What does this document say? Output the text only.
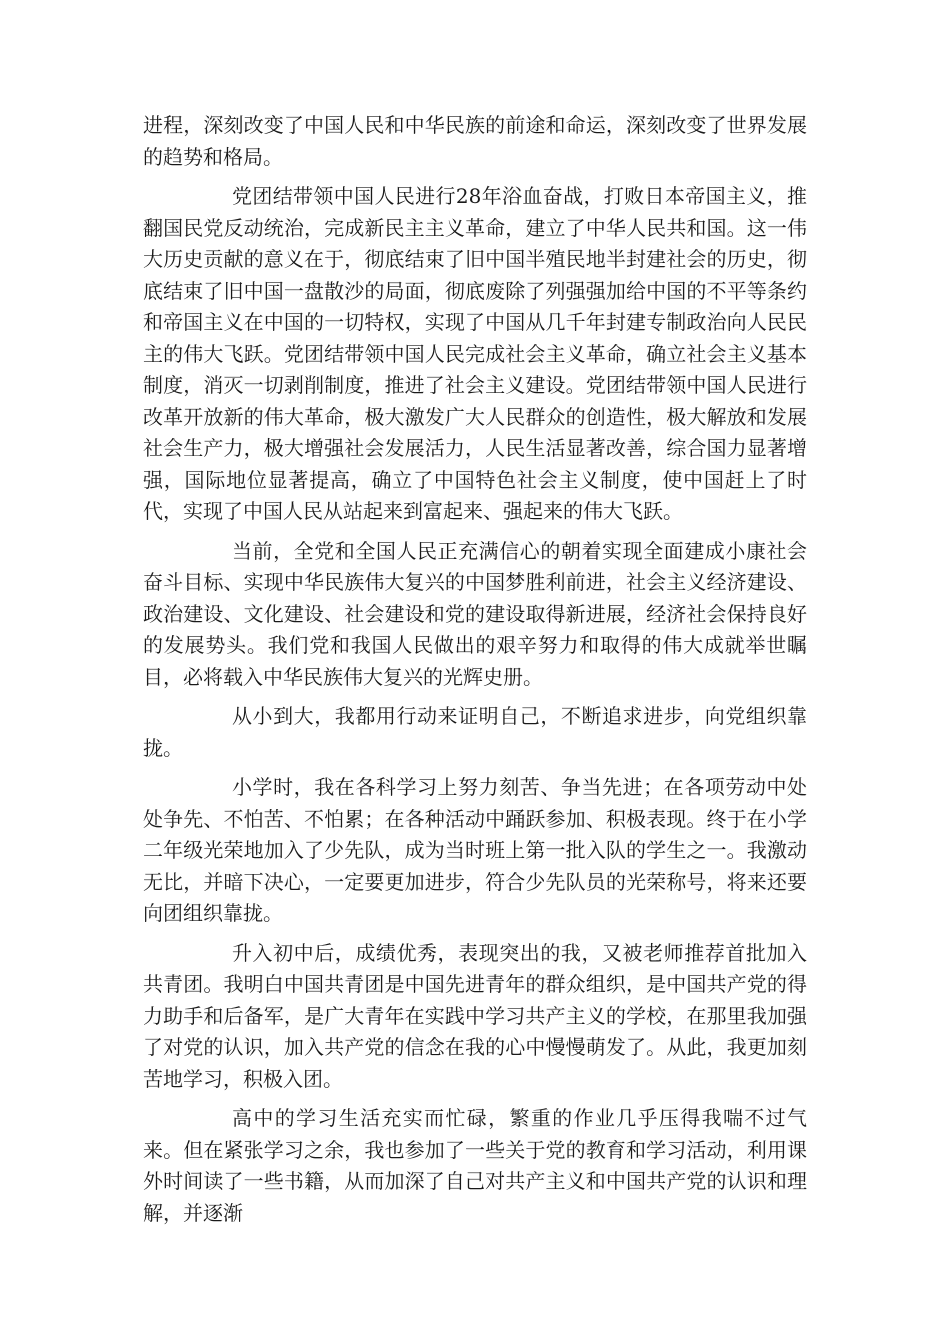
进程，深刻改变了中国人民和中华民族的前途和命运，深刻改变了世界发展的趋势和格局。

党团结带领中国人民进行28年浴血奋战，打败日本帝国主义，推翻国民党反动统治，完成新民主主义革命，建立了中华人民共和国。这一伟大历史贡献的意义在于，彻底结束了旧中国半殖民地半封建社会的历史，彻底结束了旧中国一盘散沙的局面，彻底废除了列强强加给中国的不平等条约和帝国主义在中国的一切特权，实现了中国从几千年封建专制政治向人民民主的伟大飞跃。党团结带领中国人民完成社会主义革命，确立社会主义基本制度，消灭一切剥削制度，推进了社会主义建设。党团结带领中国人民进行改革开放新的伟大革命，极大激发广大人民群众的创造性，极大解放和发展社会生产力，极大增强社会发展活力，人民生活显著改善，综合国力显著增强，国际地位显著提高，确立了中国特色社会主义制度，使中国赶上了时代，实现了中国人民从站起来到富起来、强起来的伟大飞跃。

当前，全党和全国人民正充满信心的朝着实现全面建成小康社会奋斗目标、实现中华民族伟大复兴的中国梦胜利前进，社会主义经济建设、政治建设、文化建设、社会建设和党的建设取得新进展，经济社会保持良好的发展势头。我们党和我国人民做出的艰辛努力和取得的伟大成就举世瞩目，必将载入中华民族伟大复兴的光辉史册。

从小到大，我都用行动来证明自己，不断追求进步，向党组织靠拢。

小学时，我在各科学习上努力刻苦、争当先进；在各项劳动中处处争先、不怕苦、不怕累；在各种活动中踊跃参加、积极表现。终于在小学二年级光荣地加入了少先队，成为当时班上第一批入队的学生之一。我激动无比，并暗下决心，一定要更加进步，符合少先队员的光荣称号，将来还要向团组织靠拢。

升入初中后，成绩优秀，表现突出的我，又被老师推荐首批加入共青团。我明白中国共青团是中国先进青年的群众组织，是中国共产党的得力助手和后备军，是广大青年在实践中学习共产主义的学校，在那里我加强了对党的认识，加入共产党的信念在我的心中慢慢萌发了。从此，我更加刻苦地学习，积极入团。

高中的学习生活充实而忙碌，繁重的作业几乎压得我喘不过气来。但在紧张学习之余，我也参加了一些关于党的教育和学习活动，利用课外时间读了一些书籍，从而加深了自己对共产主义和中国共产党的认识和理解，并逐渐
